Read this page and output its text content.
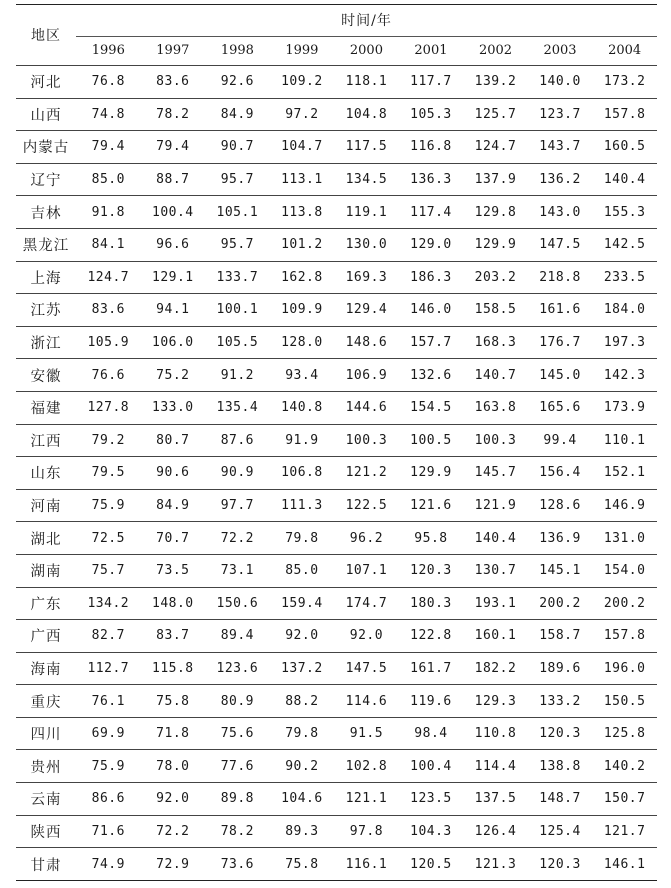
地区	时间/年								
	1996	1997	1998	1999	2000	2001	2002	2003	2004
河北	76.8	83.6	92.6	109.2	118.1	117.7	139.2	140.0	173.2
山西	74.8	78.2	84.9	97.2	104.8	105.3	125.7	123.7	157.8
内蒙古	79.4	79.4	90.7	104.7	117.5	116.8	124.7	143.7	160.5
辽宁	85.0	88.7	95.7	113.1	134.5	136.3	137.9	136.2	140.4
吉林	91.8	100.4	105.1	113.8	119.1	117.4	129.8	143.0	155.3
黑龙江	84.1	96.6	95.7	101.2	130.0	129.0	129.9	147.5	142.5
上海	124.7	129.1	133.7	162.8	169.3	186.3	203.2	218.8	233.5
江苏	83.6	94.1	100.1	109.9	129.4	146.0	158.5	161.6	184.0
浙江	105.9	106.0	105.5	128.0	148.6	157.7	168.3	176.7	197.3
安徽	76.6	75.2	91.2	93.4	106.9	132.6	140.7	145.0	142.3
福建	127.8	133.0	135.4	140.8	144.6	154.5	163.8	165.6	173.9
江西	79.2	80.7	87.6	91.9	100.3	100.5	100.3	99.4	110.1
山东	79.5	90.6	90.9	106.8	121.2	129.9	145.7	156.4	152.1
河南	75.9	84.9	97.7	111.3	122.5	121.6	121.9	128.6	146.9
湖北	72.5	70.7	72.2	79.8	96.2	95.8	140.4	136.9	131.0
湖南	75.7	73.5	73.1	85.0	107.1	120.3	130.7	145.1	154.0
广东	134.2	148.0	150.6	159.4	174.7	180.3	193.1	200.2	200.2
广西	82.7	83.7	89.4	92.0	92.0	122.8	160.1	158.7	157.8
海南	112.7	115.8	123.6	137.2	147.5	161.7	182.2	189.6	196.0
重庆	76.1	75.8	80.9	88.2	114.6	119.6	129.3	133.2	150.5
四川	69.9	71.8	75.6	79.8	91.5	98.4	110.8	120.3	125.8
贵州	75.9	78.0	77.6	90.2	102.8	100.4	114.4	138.8	140.2
云南	86.6	92.0	89.8	104.6	121.1	123.5	137.5	148.7	150.7
陕西	71.6	72.2	78.2	89.3	97.8	104.3	126.4	125.4	121.7
甘肃	74.9	72.9	73.6	75.8	116.1	120.5	121.3	120.3	146.1
